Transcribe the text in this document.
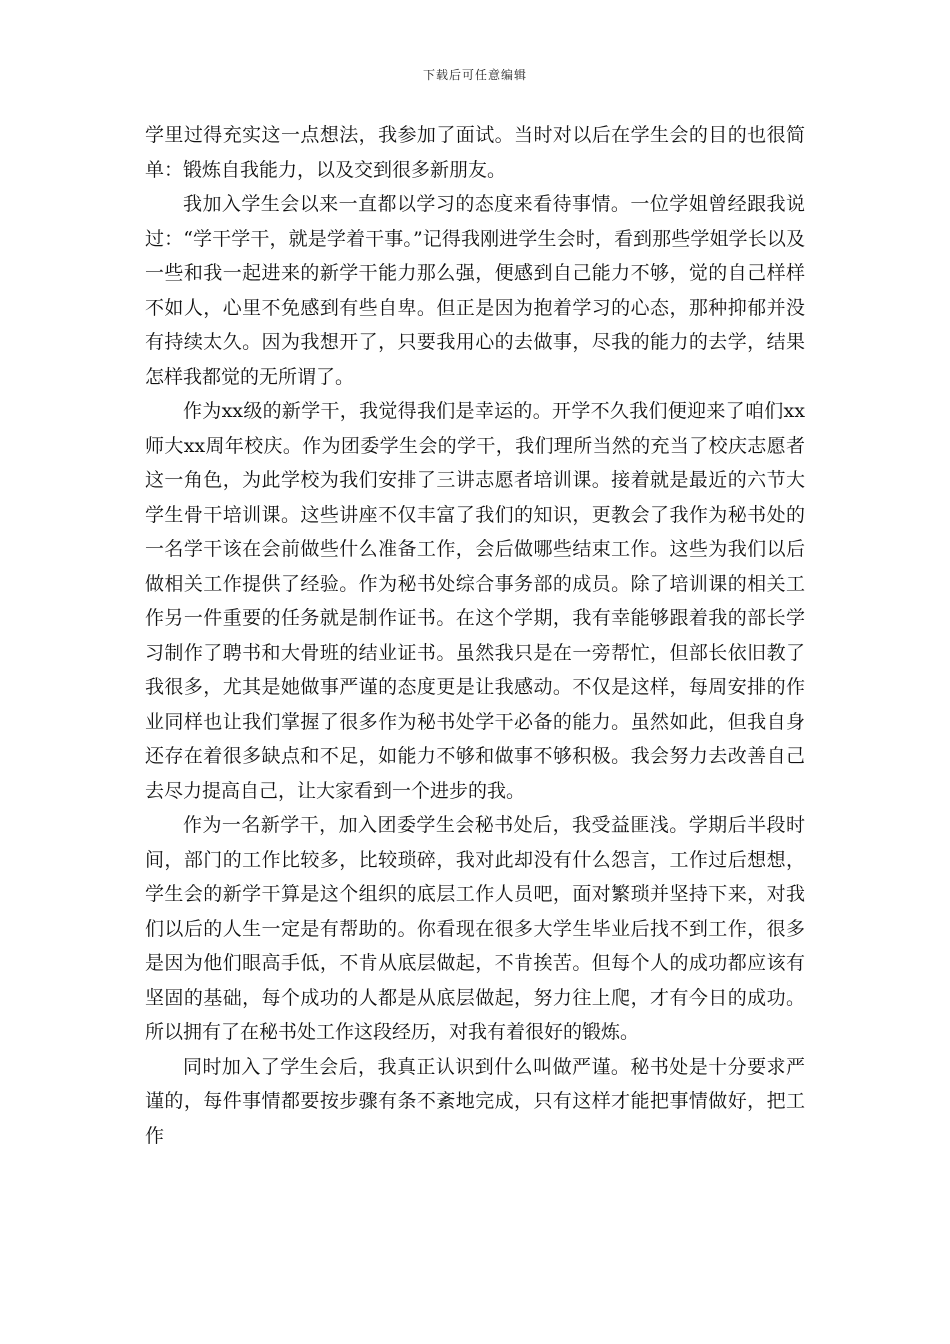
下载后可任意编辑

学里过得充实这一点想法，我参加了面试。当时对以后在学生会的目的也很简单：锻炼自我能力，以及交到很多新朋友。

我加入学生会以来一直都以学习的态度来看待事情。一位学姐曾经跟我说过：“学干学干，就是学着干事。”记得我刚进学生会时，看到那些学姐学长以及一些和我一起进来的新学干能力那么强，便感到自己能力不够，觉的自己样样不如人，心里不免感到有些自卑。但正是因为抱着学习的心态，那种抑郁并没有持续太久。因为我想开了，只要我用心的去做事，尽我的能力的去学，结果怎样我都觉的无所谓了。

作为xx级的新学干，我觉得我们是幸运的。开学不久我们便迎来了咱们xx师大xx周年校庆。作为团委学生会的学干，我们理所当然的充当了校庆志愿者这一角色，为此学校为我们安排了三讲志愿者培训课。接着就是最近的六节大学生骨干培训课。这些讲座不仅丰富了我们的知识，更教会了我作为秘书处的一名学干该在会前做些什么准备工作，会后做哪些结束工作。这些为我们以后做相关工作提供了经验。作为秘书处综合事务部的成员。除了培训课的相关工作另一件重要的任务就是制作证书。在这个学期，我有幸能够跟着我的部长学习制作了聘书和大骨班的结业证书。虽然我只是在一旁帮忙，但部长依旧教了我很多，尤其是她做事严谨的态度更是让我感动。不仅是这样，每周安排的作业同样也让我们掌握了很多作为秘书处学干必备的能力。虽然如此，但我自身还存在着很多缺点和不足，如能力不够和做事不够积极。我会努力去改善自己去尽力提高自己，让大家看到一个进步的我。

作为一名新学干，加入团委学生会秘书处后，我受益匪浅。学期后半段时间，部门的工作比较多，比较琐碎，我对此却没有什么怨言，工作过后想想，学生会的新学干算是这个组织的底层工作人员吧，面对繁琐并坚持下来，对我们以后的人生一定是有帮助的。你看现在很多大学生毕业后找不到工作，很多是因为他们眼高手低，不肯从底层做起，不肯挨苦。但每个人的成功都应该有坚固的基础，每个成功的人都是从底层做起，努力往上爬，才有今日的成功。所以拥有了在秘书处工作这段经历，对我有着很好的锻炼。

同时加入了学生会后，我真正认识到什么叫做严谨。秘书处是十分要求严谨的，每件事情都要按步骤有条不紊地完成，只有这样才能把事情做好，把工作
